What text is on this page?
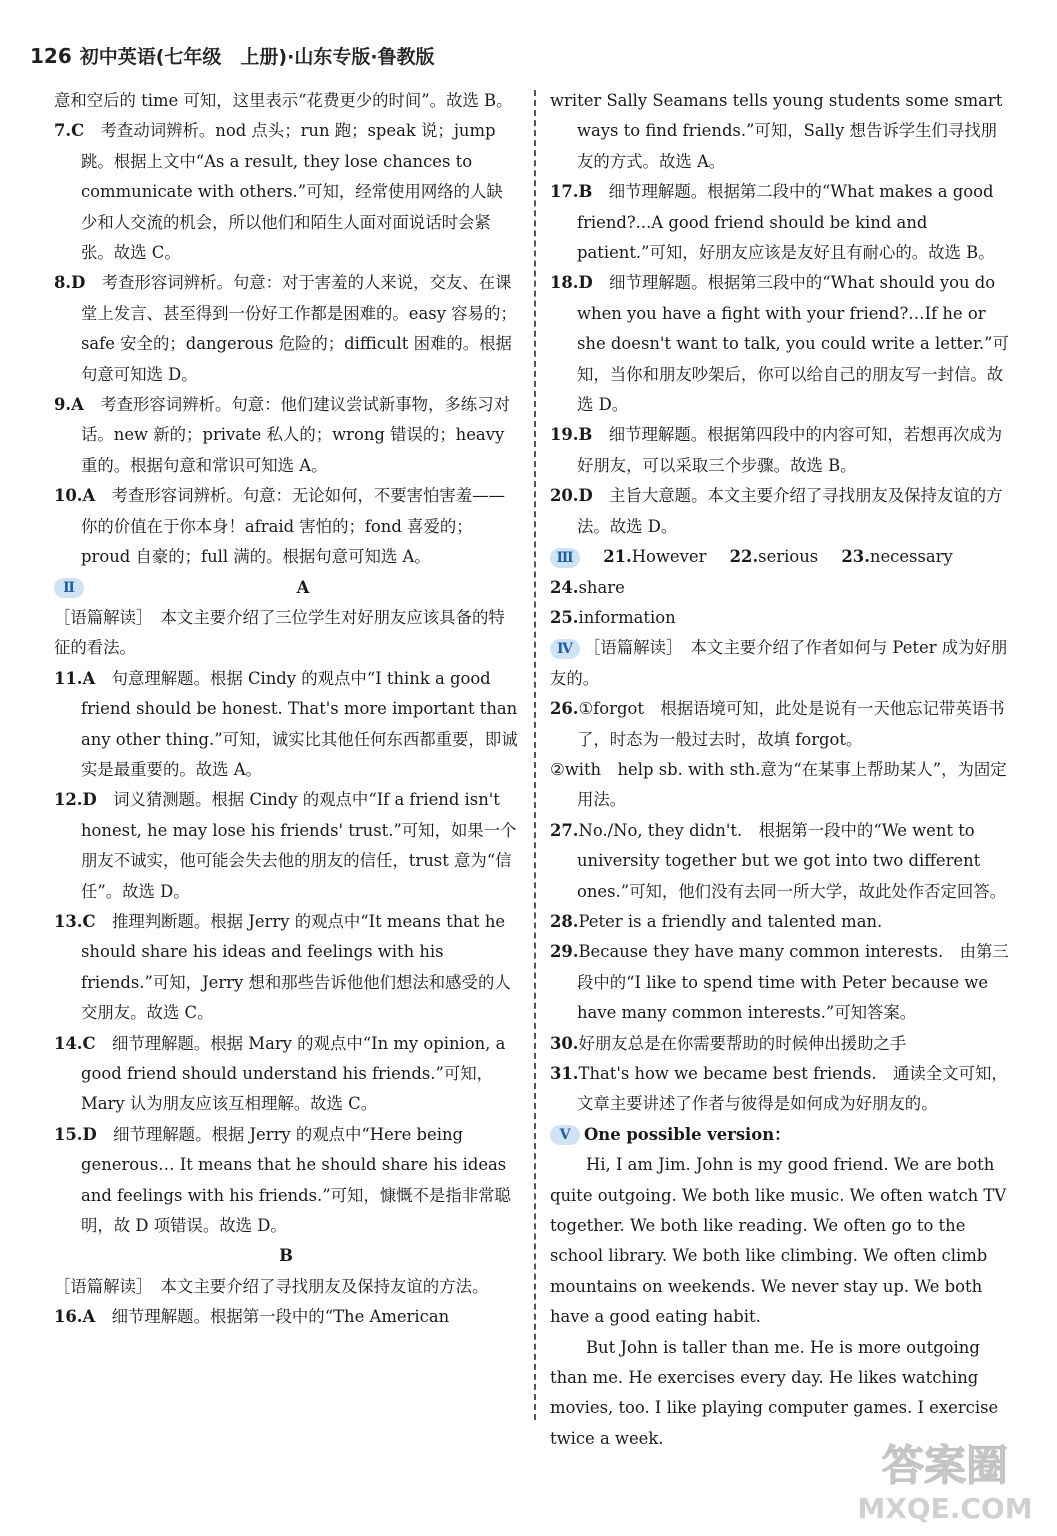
126 初中英语(七年级　上册)·山东专版·鲁教版

意和空后的 time 可知，这里表示“花费更少的时间”。故选 B。

7.C　 考查动词辨析。nod 点头；run 跑；speak 说；jump 跳。根据上文中“As a result, they lose chances to communicate with others.”可知，经常使用网络的人缺少和人交流的机会，所以他们和陌生人面对面说话时会紧张。故选 C。

8.D　 考查形容词辨析。句意：对于害羞的人来说，交友、在课堂上发言、甚至得到一份好工作都是困难的。easy 容易的；safe 安全的；dangerous 危险的；difficult 困难的。根据句意可知选 D。

9.A　 考查形容词辨析。句意：他们建议尝试新事物，多练习对话。new 新的；private 私人的；wrong 错误的；heavy 重的。根据句意和常识可知选 A。

10.A　 考查形容词辨析。句意：无论如何，不要害怕害羞——你的价值在于你本身！afraid 害怕的；fond 喜爱的；proud 自豪的；full 满的。根据句意可知选 A。

Ⅱ	A

［语篇解读］　本文主要介绍了三位学生对好朋友应该具备的特征的看法。

11.A　 句意理解题。根据 Cindy 的观点中“I think a good friend should be honest. That's more important than any other thing.”可知，诚实比其他任何东西都重要，即诚实是最重要的。故选 A。

12.D　 词义猜测题。根据 Cindy 的观点中“If a friend isn't honest, he may lose his friends' trust.”可知，如果一个朋友不诚实，他可能会失去他的朋友的信任，trust 意为“信任”。故选 D。

13.C　 推理判断题。根据 Jerry 的观点中“It means that he should share his ideas and feelings with his friends.”可知，Jerry 想和那些告诉他他们想法和感受的人交朋友。故选 C。

14.C　 细节理解题。根据 Mary 的观点中“In my opinion, a good friend should understand his friends.”可知，Mary 认为朋友应该互相理解。故选 C。

15.D　 细节理解题。根据 Jerry 的观点中“Here being generous… It means that he should share his ideas and feelings with his friends.”可知，慷慨不是指非常聪明，故 D 项错误。故选 D。

B

［语篇解读］　本文主要介绍了寻找朋友及保持友谊的方法。

16.A　 细节理解题。根据第一段中的“The American

writer Sally Seamans tells young students some smart ways to find friends.”可知，Sally 想告诉学生们寻找朋友的方式。故选 A。

17.B　 细节理解题。根据第二段中的“What makes a good friend?...A good friend should be kind and patient.”可知，好朋友应该是友好且有耐心的。故选 B。

18.D　 细节理解题。根据第三段中的“What should you do when you have a fight with your friend?…If he or she doesn't want to talk, you could write a letter.”可知，当你和朋友吵架后，你可以给自己的朋友写一封信。故选 D。

19.B　 细节理解题。根据第四段中的内容可知，若想再次成为好朋友，可以采取三个步骤。故选 B。

20.D　 主旨大意题。本文主要介绍了寻找朋友及保持友谊的方法。故选 D。

Ⅲ 21.However 22.serious 23.necessary 24.share

25.information

Ⅳ ［语篇解读］　本文主要介绍了作者如何与 Peter 成为好朋友的。

26.①forgot　根据语境可知，此处是说有一天他忘记带英语书了，时态为一般过去时，故填 forgot。

②with　help sb. with sth.意为“在某事上帮助某人”，为固定用法。

27.No./No, they didn't.　根据第一段中的“We went to university together but we got into two different ones.”可知，他们没有去同一所大学，故此处作否定回答。

28.Peter is a friendly and talented man.

29.Because they have many common interests.　由第三段中的“I like to spend time with Peter because we have many common interests.”可知答案。

30.好朋友总是在你需要帮助的时候伸出援助之手

31.That's how we became best friends.　通读全文可知，文章主要讲述了作者与彼得是如何成为好朋友的。

Ⅴ One possible version：

Hi, I am Jim. John is my good friend. We are both quite outgoing. We both like music. We often watch TV together. We both like reading. We often go to the school library. We both like climbing. We often climb mountains on weekends. We never stay up. We both have a good eating habit.

But John is taller than me. He is more outgoing than me. He exercises every day. He likes watching movies, too. I like playing computer games. I exercise twice a week.

答案圈
MXQE.COM
